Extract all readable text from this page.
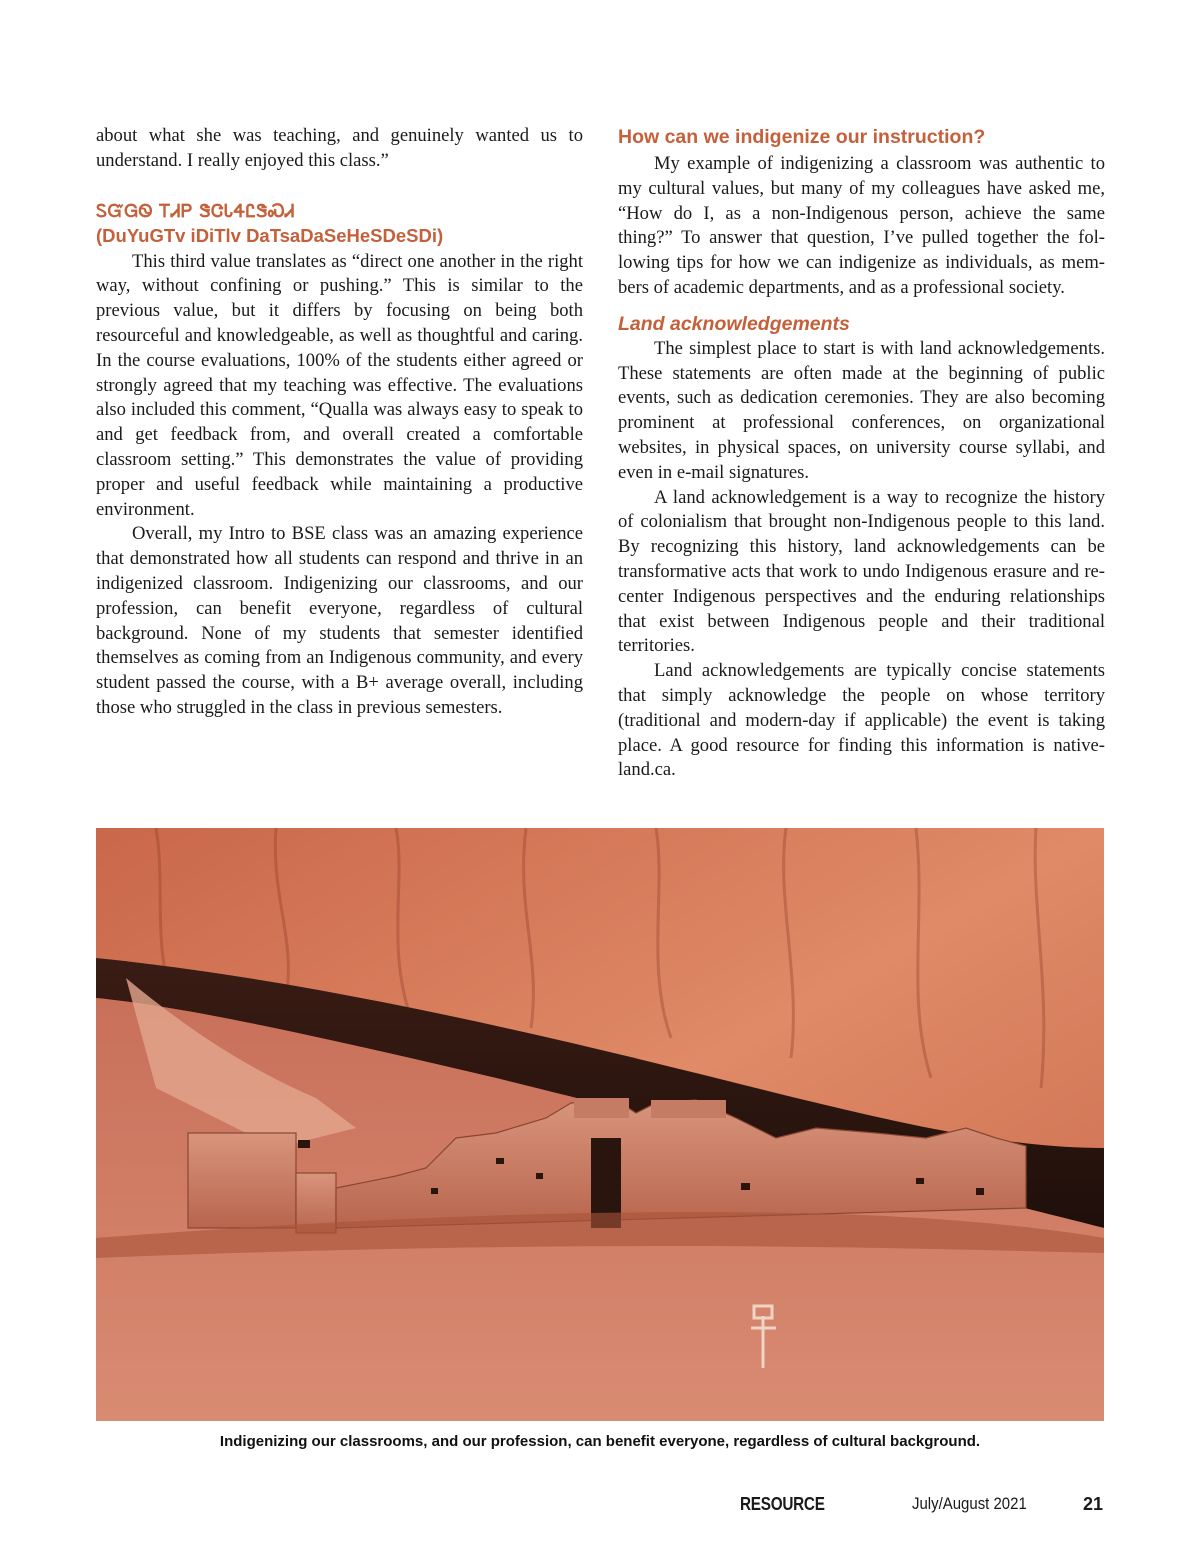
about what she was teaching, and genuinely wanted us to understand. I really enjoyed this class.”

ᏚᏳᏀᏫ ᎢᏗᏢ ᏕᏣᏓᏎᏝᏕᏍᏗ
(DuYuGTv iDiTlv DaTsaDaSeHeSDeSDi)

This third value translates as “direct one another in the right way, without confining or pushing.” This is similar to the previous value, but it differs by focusing on being both resourceful and knowledgeable, as well as thoughtful and caring. In the course evaluations, 100% of the students either agreed or strongly agreed that my teaching was effective. The evaluations also included this comment, “Qualla was always easy to speak to and get feedback from, and overall created a comfortable classroom setting.” This demonstrates the value of providing proper and useful feedback while maintaining a productive environment.

Overall, my Intro to BSE class was an amazing experience that demonstrated how all students can respond and thrive in an indigenized classroom. Indigenizing our classrooms, and our profession, can benefit everyone, regardless of cultural background. None of my students that semester identified themselves as coming from an Indigenous community, and every student passed the course, with a B+ average overall, including those who struggled in the class in previous semesters.

How can we indigenize our instruction?

My example of indigenizing a classroom was authentic to my cultural values, but many of my colleagues have asked me, “How do I, as a non-Indigenous person, achieve the same thing?” To answer that question, I’ve pulled together the following tips for how we can indigenize as individuals, as members of academic departments, and as a professional society.

Land acknowledgements

The simplest place to start is with land acknowledgements. These statements are often made at the beginning of public events, such as dedication ceremonies. They are also becoming prominent at professional conferences, on organizational websites, in physical spaces, on university course syllabi, and even in e-mail signatures.

A land acknowledgement is a way to recognize the history of colonialism that brought non-Indigenous people to this land. By recognizing this history, land acknowledgements can be transformative acts that work to undo Indigenous erasure and re-center Indigenous perspectives and the enduring relationships that exist between Indigenous people and their traditional territories.

Land acknowledgements are typically concise statements that simply acknowledge the people on whose territory (traditional and modern-day if applicable) the event is taking place. A good resource for finding this information is native-land.ca.

Indigenizing our classrooms, and our profession, can benefit everyone, regardless of cultural background.
RESOURCE	July/August 2021	21
